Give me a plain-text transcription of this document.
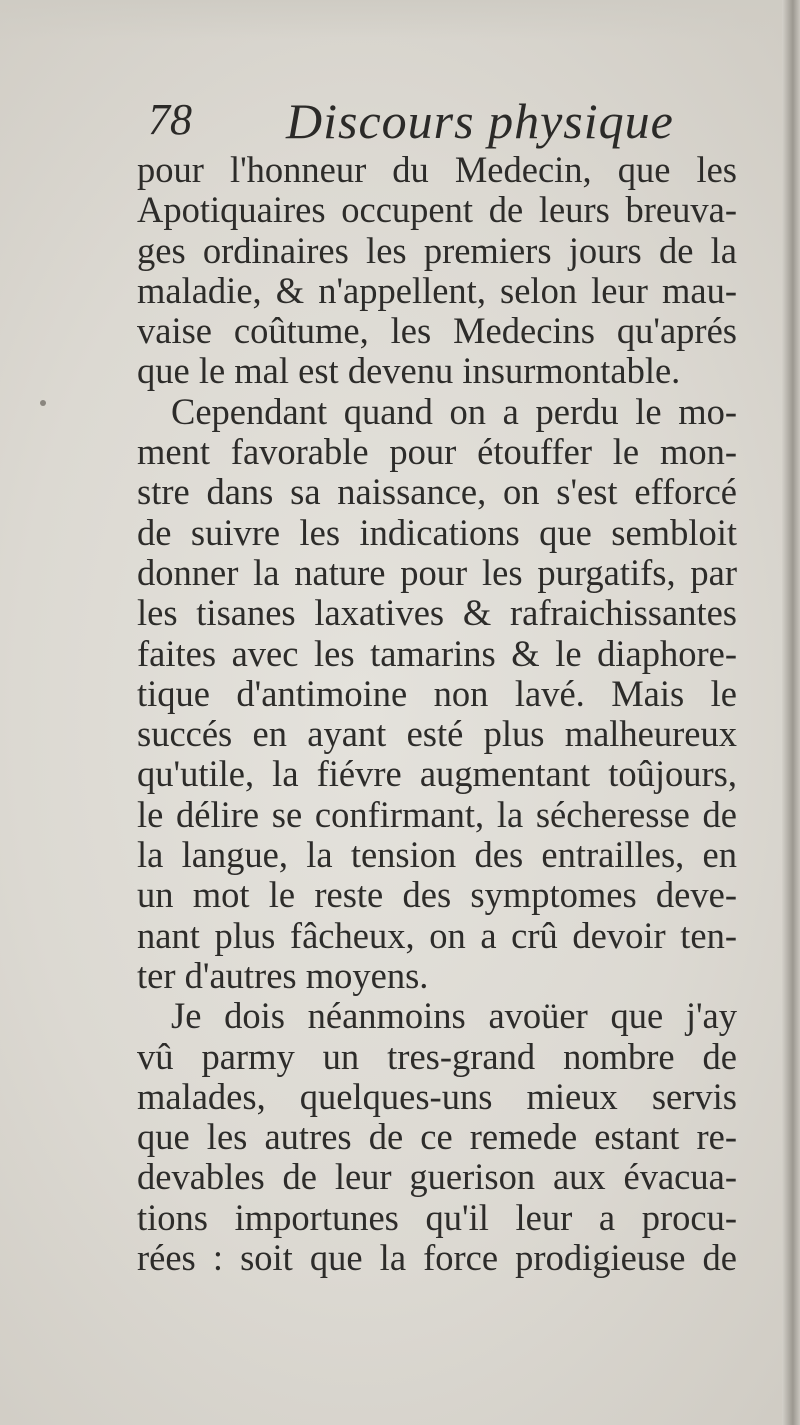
78 Discours physique
pour l'honneur du Medecin, que les
Apotiquaires occupent de leurs breuva-
ges ordinaires les premiers jours de la
maladie, & n'appellent, selon leur mau-
vaise coûtume, les Medecins qu'aprés
que le mal est devenu insurmontable.
Cependant quand on a perdu le mo-
ment favorable pour étouffer le mon-
stre dans sa naissance, on s'est efforcé
de suivre les indications que sembloit
donner la nature pour les purgatifs, par
les tisanes laxatives & rafraichissantes
faites avec les tamarins & le diaphore-
tique d'antimoine non lavé. Mais le
succés en ayant esté plus malheureux
qu'utile, la fiévre augmentant toûjours,
le délire se confirmant, la sécheresse de
la langue, la tension des entrailles, en
un mot le reste des symptomes deve-
nant plus fâcheux, on a crû devoir ten-
ter d'autres moyens.
Je dois néanmoins avoüer que j'ay
vû parmy un tres-grand nombre de
malades, quelques-uns mieux servis
que les autres de ce remede estant re-
devables de leur guerison aux évacua-
tions importunes qu'il leur a procu-
rées : soit que la force prodigieuse de
